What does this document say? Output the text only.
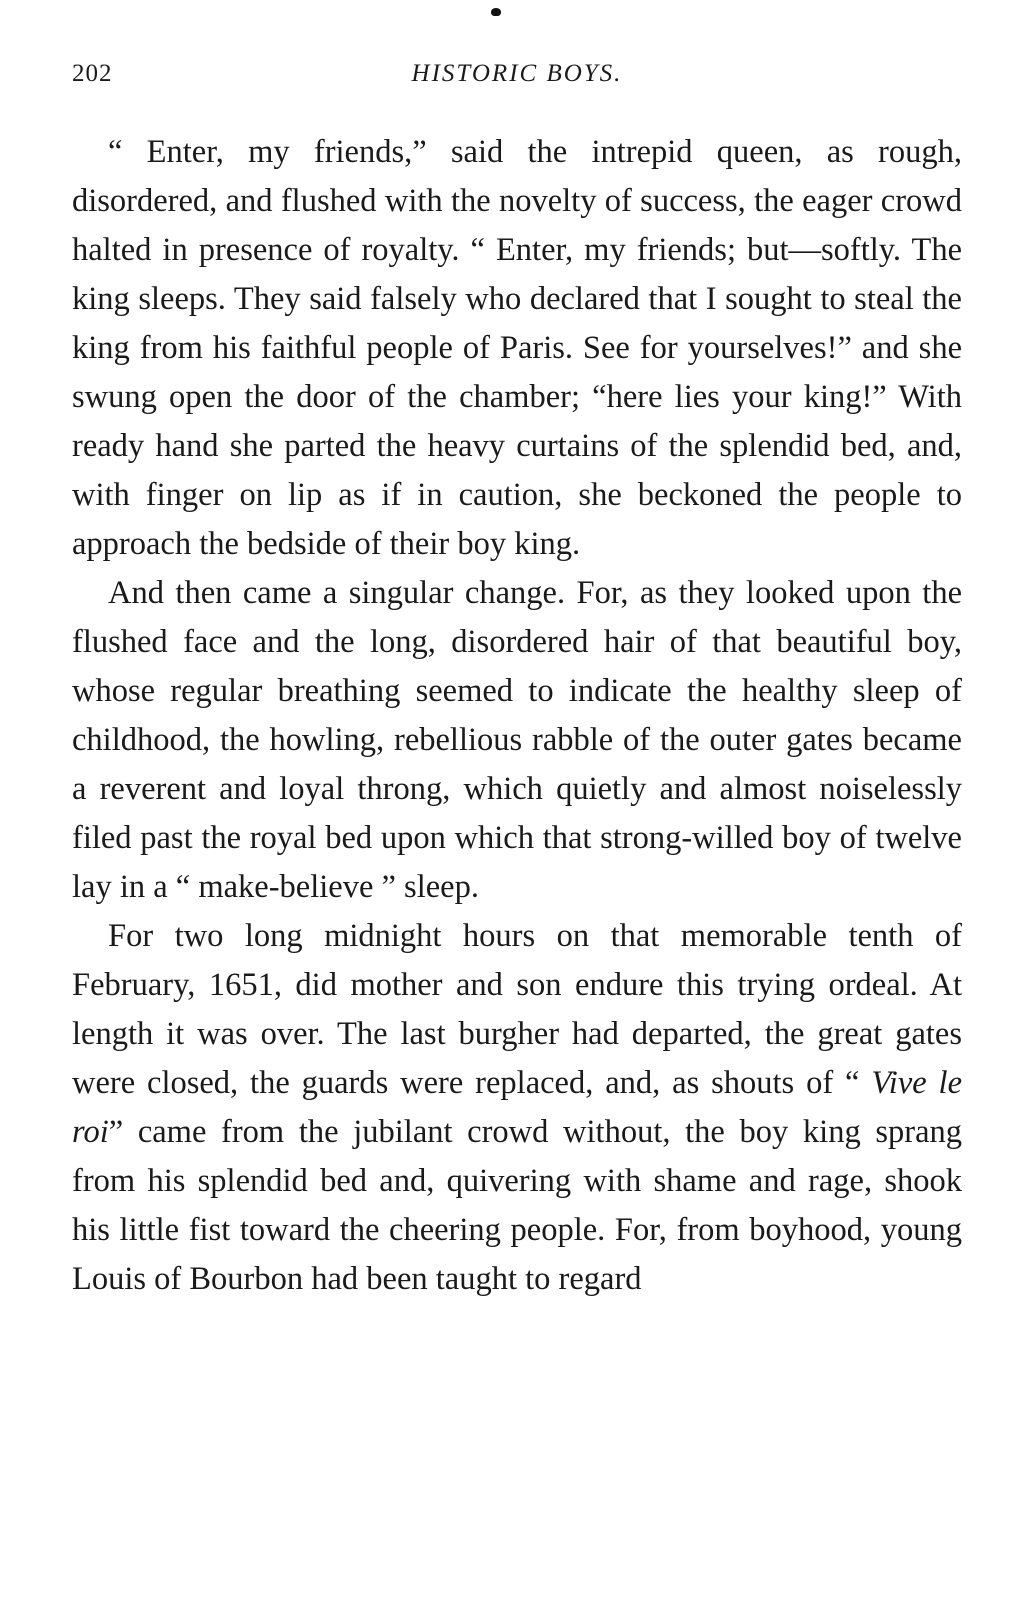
202	HISTORIC BOYS.

“ Enter, my friends,” said the intrepid queen, as rough, disordered, and flushed with the novelty of success, the eager crowd halted in presence of royalty. “ Enter, my friends; but—softly. The king sleeps. They said falsely who declared that I sought to steal the king from his faithful people of Paris. See for yourselves!” and she swung open the door of the chamber; “here lies your king!” With ready hand she parted the heavy curtains of the splendid bed, and, with finger on lip as if in caution, she beckoned the people to approach the bedside of their boy king.

And then came a singular change. For, as they looked upon the flushed face and the long, disordered hair of that beautiful boy, whose regular breathing seemed to indicate the healthy sleep of childhood, the howling, rebellious rabble of the outer gates became a reverent and loyal throng, which quietly and almost noiselessly filed past the royal bed upon which that strong-willed boy of twelve lay in a “ make-believe ” sleep.

For two long midnight hours on that memorable tenth of February, 1651, did mother and son endure this trying ordeal. At length it was over. The last burgher had departed, the great gates were closed, the guards were replaced, and, as shouts of “ Vive le roi” came from the jubilant crowd without, the boy king sprang from his splendid bed and, quivering with shame and rage, shook his little fist toward the cheering people. For, from boyhood, young Louis of Bourbon had been taught to regard
